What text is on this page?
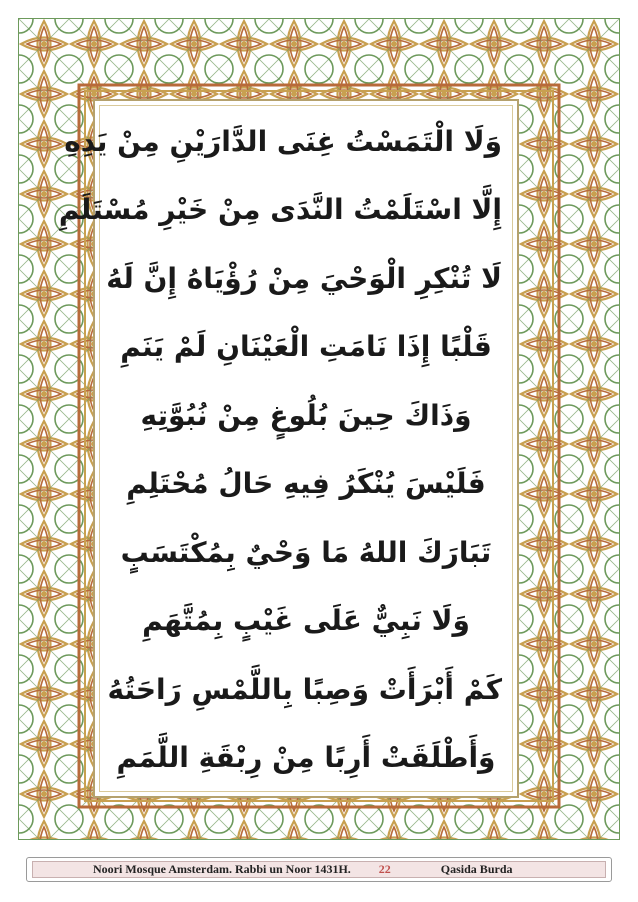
وَلَا الْتَمَسْتُ غِنَى الدَّارَيْنِ مِنْ يَدِهِ
إِلَّا اسْتَلَمْتُ النَّدَى مِنْ خَيْرِ مُسْتَلَمِ
لَا تُنْكِرِ الْوَحْيَ مِنْ رُؤْيَاهُ إِنَّ لَهُ
قَلْبًا إِذَا نَامَتِ الْعَيْنَانِ لَمْ يَنَمِ
وَذَاكَ حِينَ بُلُوغٍ مِنْ نُبُوَّتِهِ
فَلَيْسَ يُنْكَرُ فِيهِ حَالُ مُحْتَلِمِ
تَبَارَكَ اللهُ مَا وَحْيٌ بِمُكْتَسَبٍ
وَلَا نَبِيٌّ عَلَى غَيْبٍ بِمُتَّهَمِ
كَمْ أَبْرَأَتْ وَصِبًا بِاللَّمْسِ رَاحَتُهُ
وَأَطْلَقَتْ أَرِبًا مِنْ رِبْقَةِ اللَّمَمِ
Noori Mosque Amsterdam. Rabbi un Noor 1431H. 22	Qasida Burda
